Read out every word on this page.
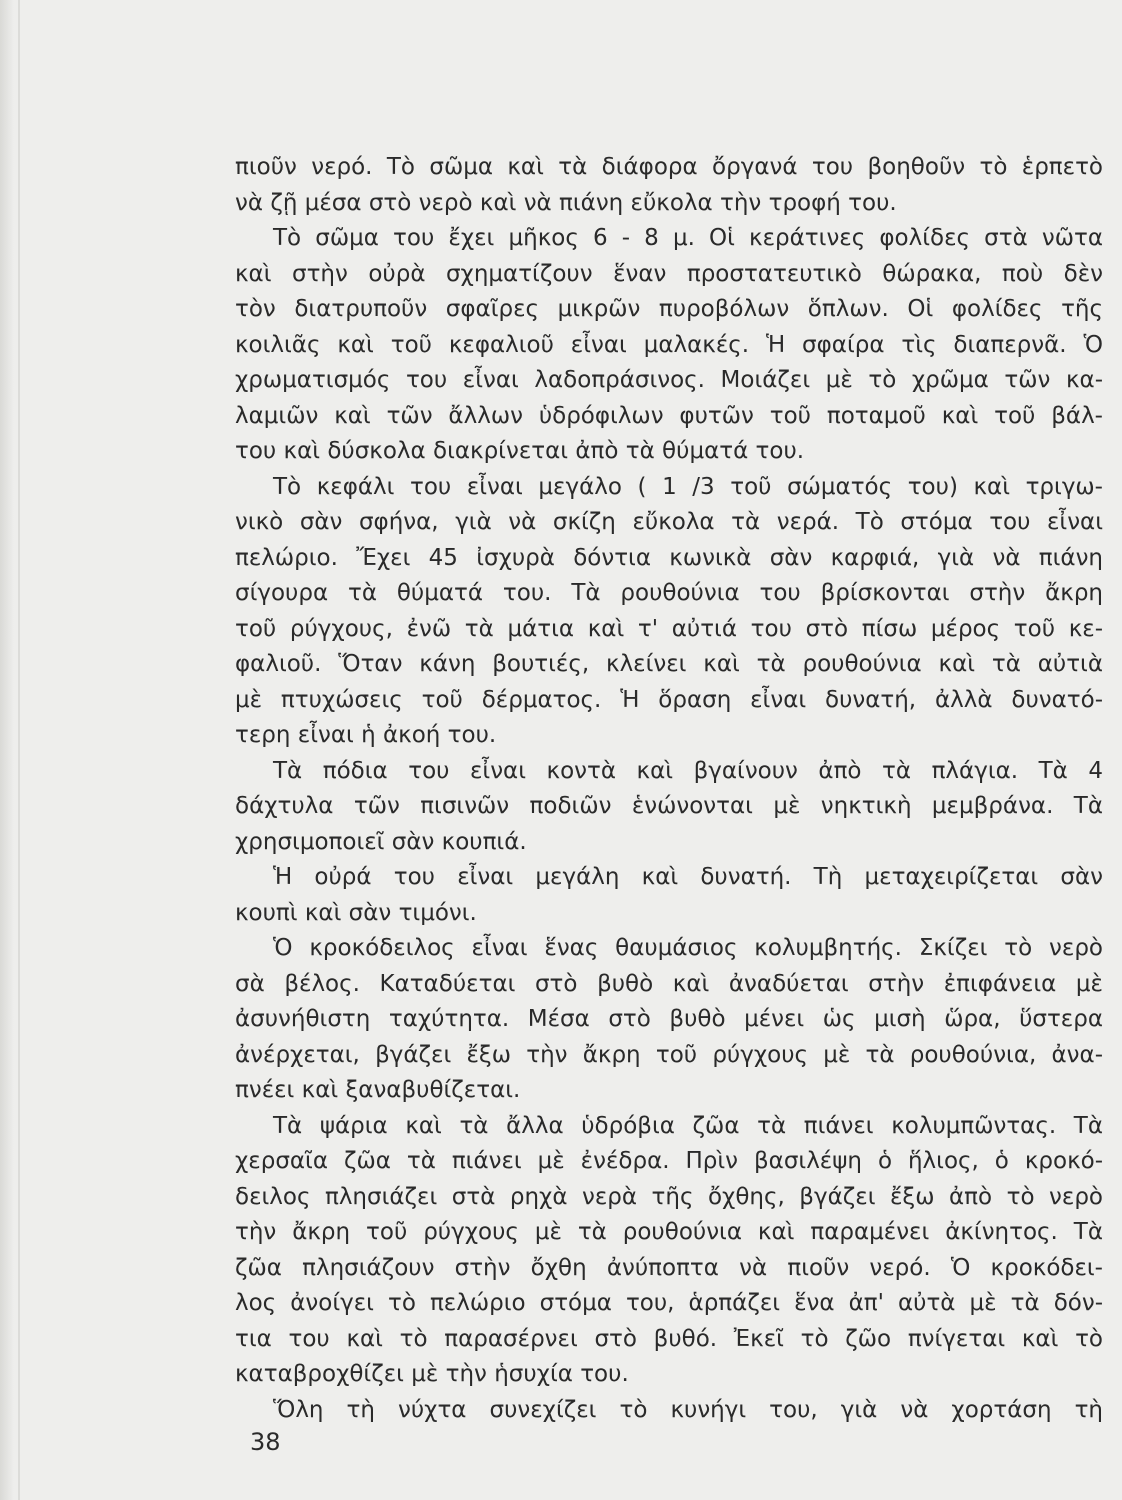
πιοῦν νερό. Τὸ σῶμα καὶ τὰ διάφορα ὄργανά του βοηθοῦν τὸ ἑρπετὸ
νὰ ζῇ μέσα στὸ νερὸ καὶ νὰ πιάνη εὔκολα τὴν τροφή του.
Τὸ σῶμα του ἔχει μῆκος 6 - 8 μ. Οἱ κεράτινες φολίδες στὰ νῶτα
καὶ στὴν οὐρὰ σχηματίζουν ἕναν προστατευτικὸ θώρακα, ποὺ δὲν
τὸν διατρυποῦν σφαῖρες μικρῶν πυροβόλων ὅπλων. Οἱ φολίδες τῆς
κοιλιᾶς καὶ τοῦ κεφαλιοῦ εἶναι μαλακές. Ἡ σφαίρα τὶς διαπερνᾶ. Ὁ
χρωματισμός του εἶναι λαδοπράσινος. Μοιάζει μὲ τὸ χρῶμα τῶν κα-
λαμιῶν καὶ τῶν ἄλλων ὑδρόφιλων φυτῶν τοῦ ποταμοῦ καὶ τοῦ βάλ-
του καὶ δύσκολα διακρίνεται ἀπὸ τὰ θύματά του.
Τὸ κεφάλι του εἶναι μεγάλο ( 1 /3 τοῦ σώματός του) καὶ τριγω-
νικὸ σὰν σφήνα, γιὰ νὰ σκίζη εὔκολα τὰ νερά. Τὸ στόμα του εἶναι
πελώριο. Ἔχει 45 ἰσχυρὰ δόντια κωνικὰ σὰν καρφιά, γιὰ νὰ πιάνη
σίγουρα τὰ θύματά του. Τὰ ρουθούνια του βρίσκονται στὴν ἄκρη
τοῦ ρύγχους, ἐνῶ τὰ μάτια καὶ τ' αὐτιά του στὸ πίσω μέρος τοῦ κε-
φαλιοῦ. Ὅταν κάνη βουτιές, κλείνει καὶ τὰ ρουθούνια καὶ τὰ αὐτιὰ
μὲ πτυχώσεις τοῦ δέρματος. Ἡ ὅραση εἶναι δυνατή, ἀλλὰ δυνατό-
τερη εἶναι ἡ ἀκοή του.
Τὰ πόδια του εἶναι κοντὰ καὶ βγαίνουν ἀπὸ τὰ πλάγια. Τὰ 4
δάχτυλα τῶν πισινῶν ποδιῶν ἑνώνονται μὲ νηκτικὴ μεμβράνα. Τὰ
χρησιμοποιεῖ σὰν κουπιά.
Ἡ οὐρά του εἶναι μεγάλη καὶ δυνατή. Τὴ μεταχειρίζεται σὰν
κουπὶ καὶ σὰν τιμόνι.
Ὁ κροκόδειλος εἶναι ἕνας θαυμάσιος κολυμβητής. Σκίζει τὸ νερὸ
σὰ βέλος. Καταδύεται στὸ βυθὸ καὶ ἀναδύεται στὴν ἐπιφάνεια μὲ
ἀσυνήθιστη ταχύτητα. Μέσα στὸ βυθὸ μένει ὡς μισὴ ὥρα, ὕστερα
ἀνέρχεται, βγάζει ἔξω τὴν ἄκρη τοῦ ρύγχους μὲ τὰ ρουθούνια, ἀνα-
πνέει καὶ ξαναβυθίζεται.
Τὰ ψάρια καὶ τὰ ἄλλα ὑδρόβια ζῶα τὰ πιάνει κολυμπῶντας. Τὰ
χερσαῖα ζῶα τὰ πιάνει μὲ ἐνέδρα. Πρὶν βασιλέψη ὁ ἥλιος, ὁ κροκό-
δειλος πλησιάζει στὰ ρηχὰ νερὰ τῆς ὄχθης, βγάζει ἔξω ἀπὸ τὸ νερὸ
τὴν ἄκρη τοῦ ρύγχους μὲ τὰ ρουθούνια καὶ παραμένει ἀκίνητος. Τὰ
ζῶα πλησιάζουν στὴν ὄχθη ἀνύποπτα νὰ πιοῦν νερό. Ὁ κροκόδει-
λος ἀνοίγει τὸ πελώριο στόμα του, ἁρπάζει ἕνα ἀπ' αὐτὰ μὲ τὰ δόν-
τια του καὶ τὸ παρασέρνει στὸ βυθό. Ἐκεῖ τὸ ζῶο πνίγεται καὶ τὸ
καταβροχθίζει μὲ τὴν ἡσυχία του.
Ὅλη τὴ νύχτα συνεχίζει τὸ κυνήγι του, γιὰ νὰ χορτάση τὴ
38
